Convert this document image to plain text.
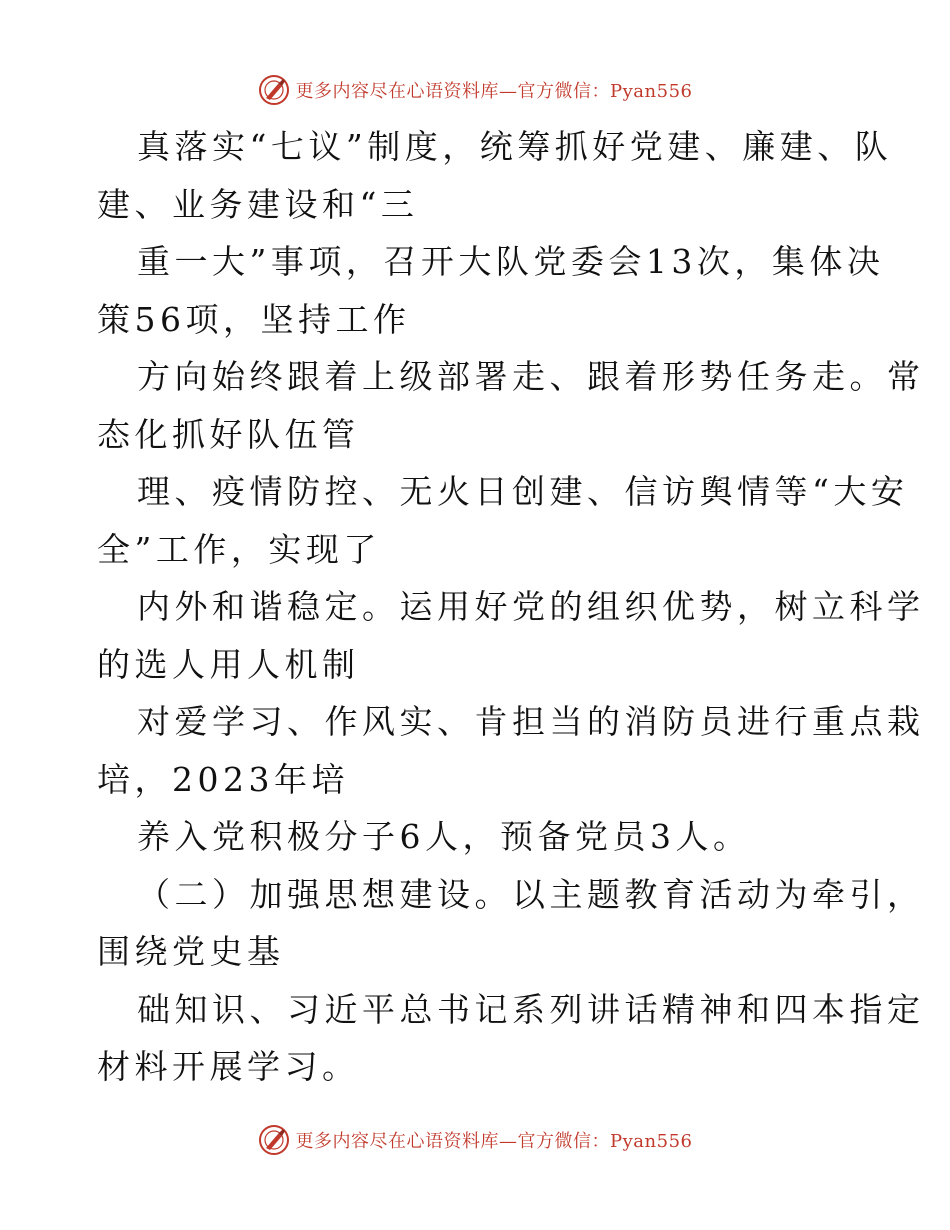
更多内容尽在心语资料库—官方微信：Pyan556
真落实“七议”制度，统筹抓好党建、廉建、队
建、业务建设和“三
重一大”事项，召开大队党委会13次，集体决
策56项，坚持工作
方向始终跟着上级部署走、跟着形势任务走。常
态化抓好队伍管
理、疫情防控、无火日创建、信访舆情等“大安
全”工作，实现了
内外和谐稳定。运用好党的组织优势，树立科学
的选人用人机制
对爱学习、作风实、肯担当的消防员进行重点栽
培，2023年培
养入党积极分子6人，预备党员3人。
（二）加强思想建设。以主题教育活动为牵引，
围绕党史基
础知识、习近平总书记系列讲话精神和四本指定
材料开展学习。
更多内容尽在心语资料库—官方微信：Pyan556
